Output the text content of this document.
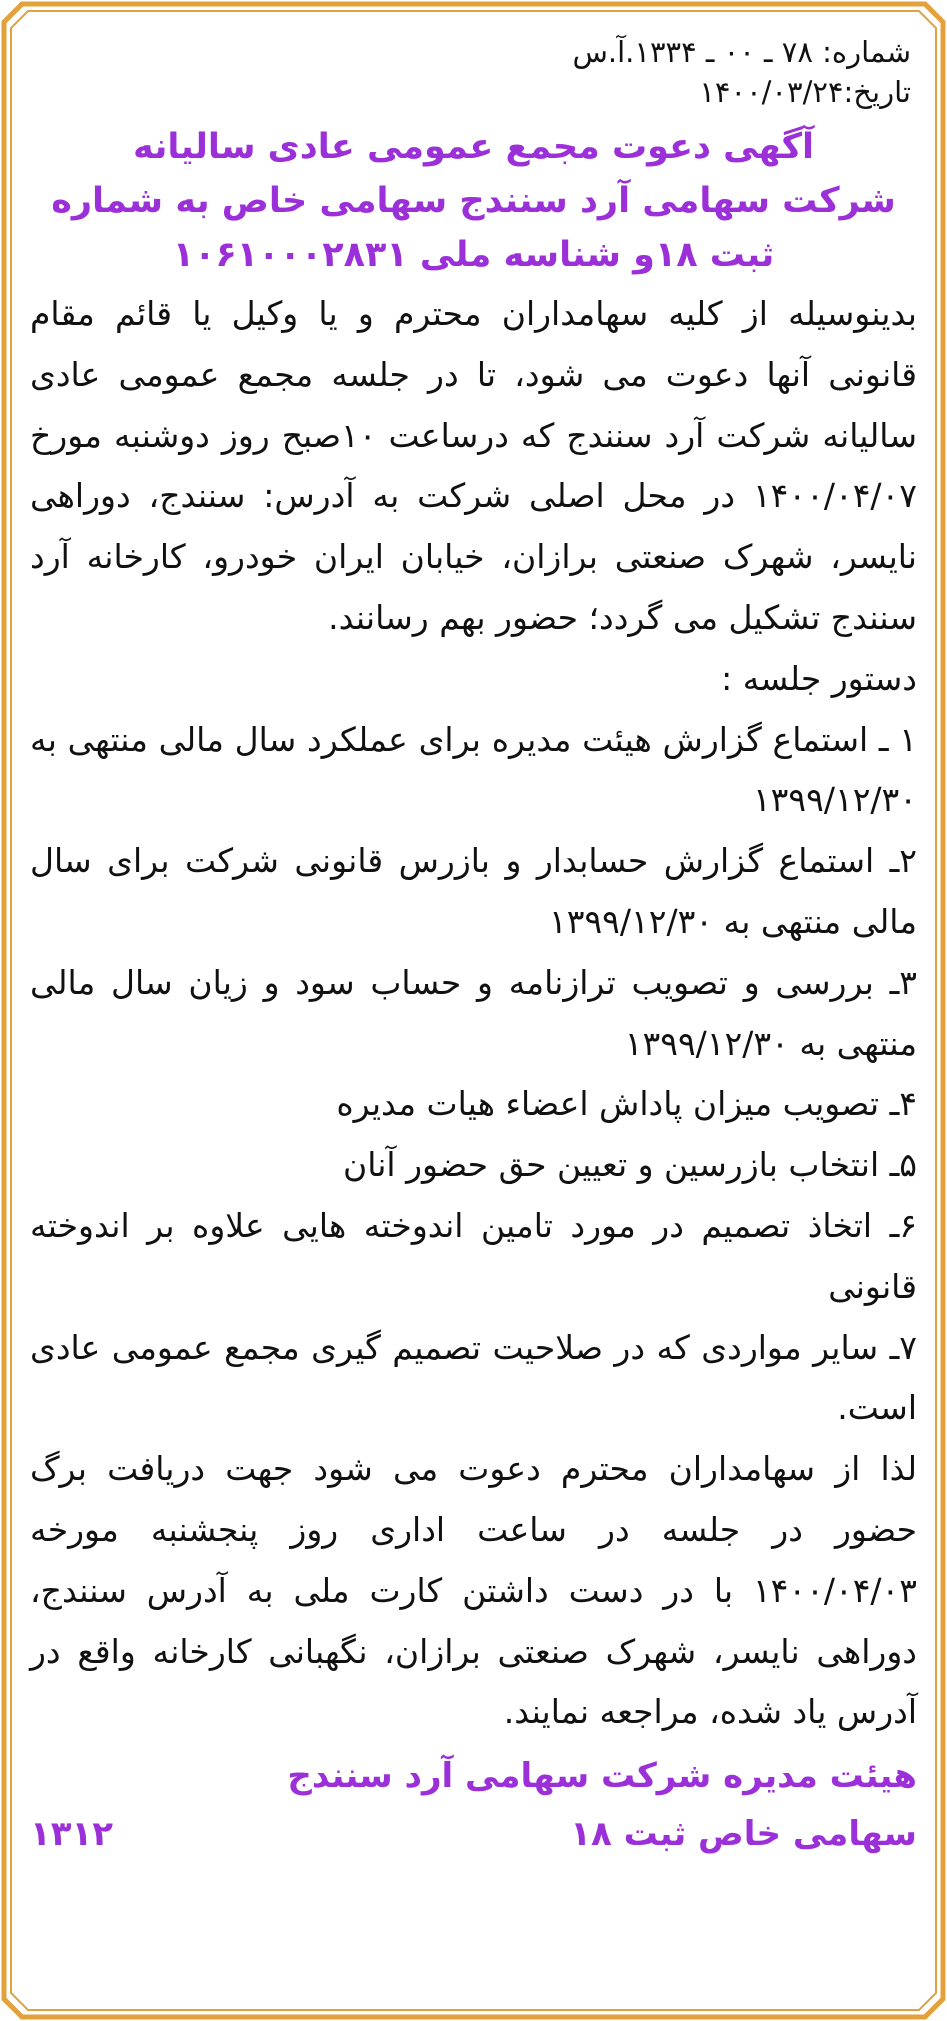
شماره: ۷۸ ـ ۰۰ ـ ۱۳۳۴.آ.س
تاریخ:۱۴۰۰/۰۳/۲۴
آگهی دعوت مجمع عمومی عادی سالیانه
شرکت سهامی آرد سنندج سهامی خاص به شماره
ثبت ۱۸و شناسه ملی ۱۰۶۱۰۰۰۲۸۳۱
بدینوسیله از کلیه سهامداران محترم و یا وکیل یا قائم مقام قانونی آنها دعوت می شود، تا در جلسه مجمع عمومی عادی سالیانه شرکت آرد سنندج که درساعت ۱۰صبح روز دوشنبه مورخ ۱۴۰۰/۰۴/۰۷ در محل اصلی شرکت به آدرس: سنندج، دوراهی نایسر، شهرک صنعتی برازان، خیابان ایران خودرو، کارخانه آرد سنندج تشکیل می گردد؛ حضور بهم رسانند.
دستور جلسه :
۱ ـ استماع گزارش هیئت مدیره برای عملکرد سال مالی منتهی به ۱۳۹۹/۱۲/۳۰
۲ـ استماع گزارش حسابدار و بازرس قانونی شرکت برای سال مالی منتهی به ۱۳۹۹/۱۲/۳۰
۳ـ بررسی و تصویب ترازنامه و حساب سود و زیان سال مالی منتهی به ۱۳۹۹/۱۲/۳۰
۴ـ تصویب میزان پاداش اعضاء هیات مدیره
۵ـ انتخاب بازرسین و تعیین حق حضور آنان
۶ـ اتخاذ تصمیم در مورد تامین اندوخته هایی علاوه بر اندوخته قانونی
۷ـ سایر مواردی که در صلاحیت تصمیم گیری مجمع عمومی عادی است.
لذا از سهامداران محترم دعوت می شود جهت دریافت برگ حضور در جلسه در ساعت اداری روز پنجشنبه مورخه ۱۴۰۰/۰۴/۰۳ با در دست داشتن کارت ملی به آدرس سنندج، دوراهی نایسر، شهرک صنعتی برازان، نگهبانی کارخانه واقع در آدرس یاد شده، مراجعه نمایند.
هیئت مدیره شرکت سهامی آرد سنندج
سهامی خاص ثبت ۱۸
۱۳۱۲
